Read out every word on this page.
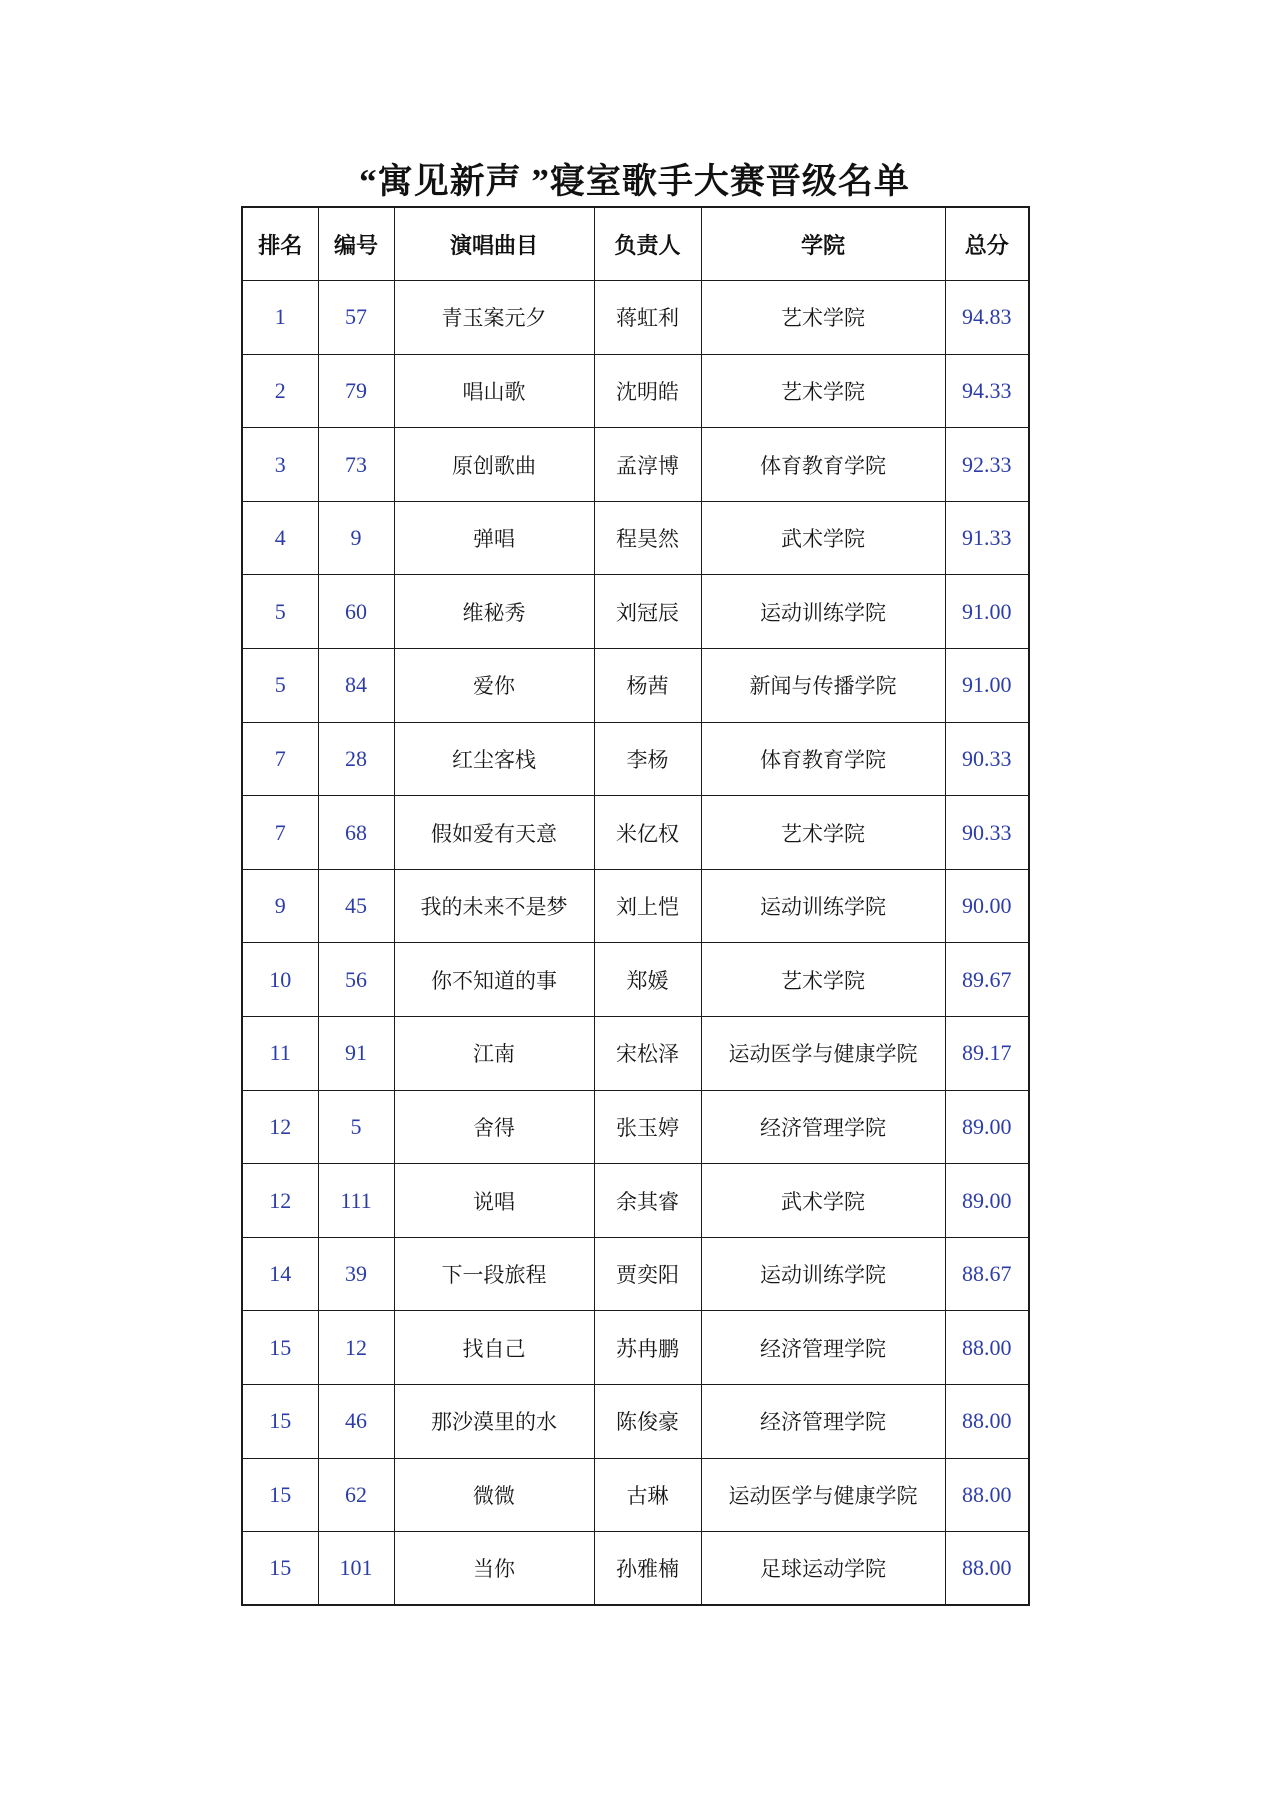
“寓见新声 ”寝室歌手大赛晋级名单
排名	编号	演唱曲目	负责人	学院	总分
1	57	青玉案元夕	蒋虹利	艺术学院	94.83
2	79	唱山歌	沈明皓	艺术学院	94.33
3	73	原创歌曲	孟淳博	体育教育学院	92.33
4	9	弹唱	程昊然	武术学院	91.33
5	60	维秘秀	刘冠辰	运动训练学院	91.00
5	84	爱你	杨茜	新闻与传播学院	91.00
7	28	红尘客栈	李杨	体育教育学院	90.33
7	68	假如爱有天意	米亿权	艺术学院	90.33
9	45	我的未来不是梦	刘上恺	运动训练学院	90.00
10	56	你不知道的事	郑媛	艺术学院	89.67
11	91	江南	宋松泽	运动医学与健康学院	89.17
12	5	舍得	张玉婷	经济管理学院	89.00
12	111	说唱	余其睿	武术学院	89.00
14	39	下一段旅程	贾奕阳	运动训练学院	88.67
15	12	找自己	苏冉鹏	经济管理学院	88.00
15	46	那沙漠里的水	陈俊豪	经济管理学院	88.00
15	62	微微	古琳	运动医学与健康学院	88.00
15	101	当你	孙雅楠	足球运动学院	88.00
